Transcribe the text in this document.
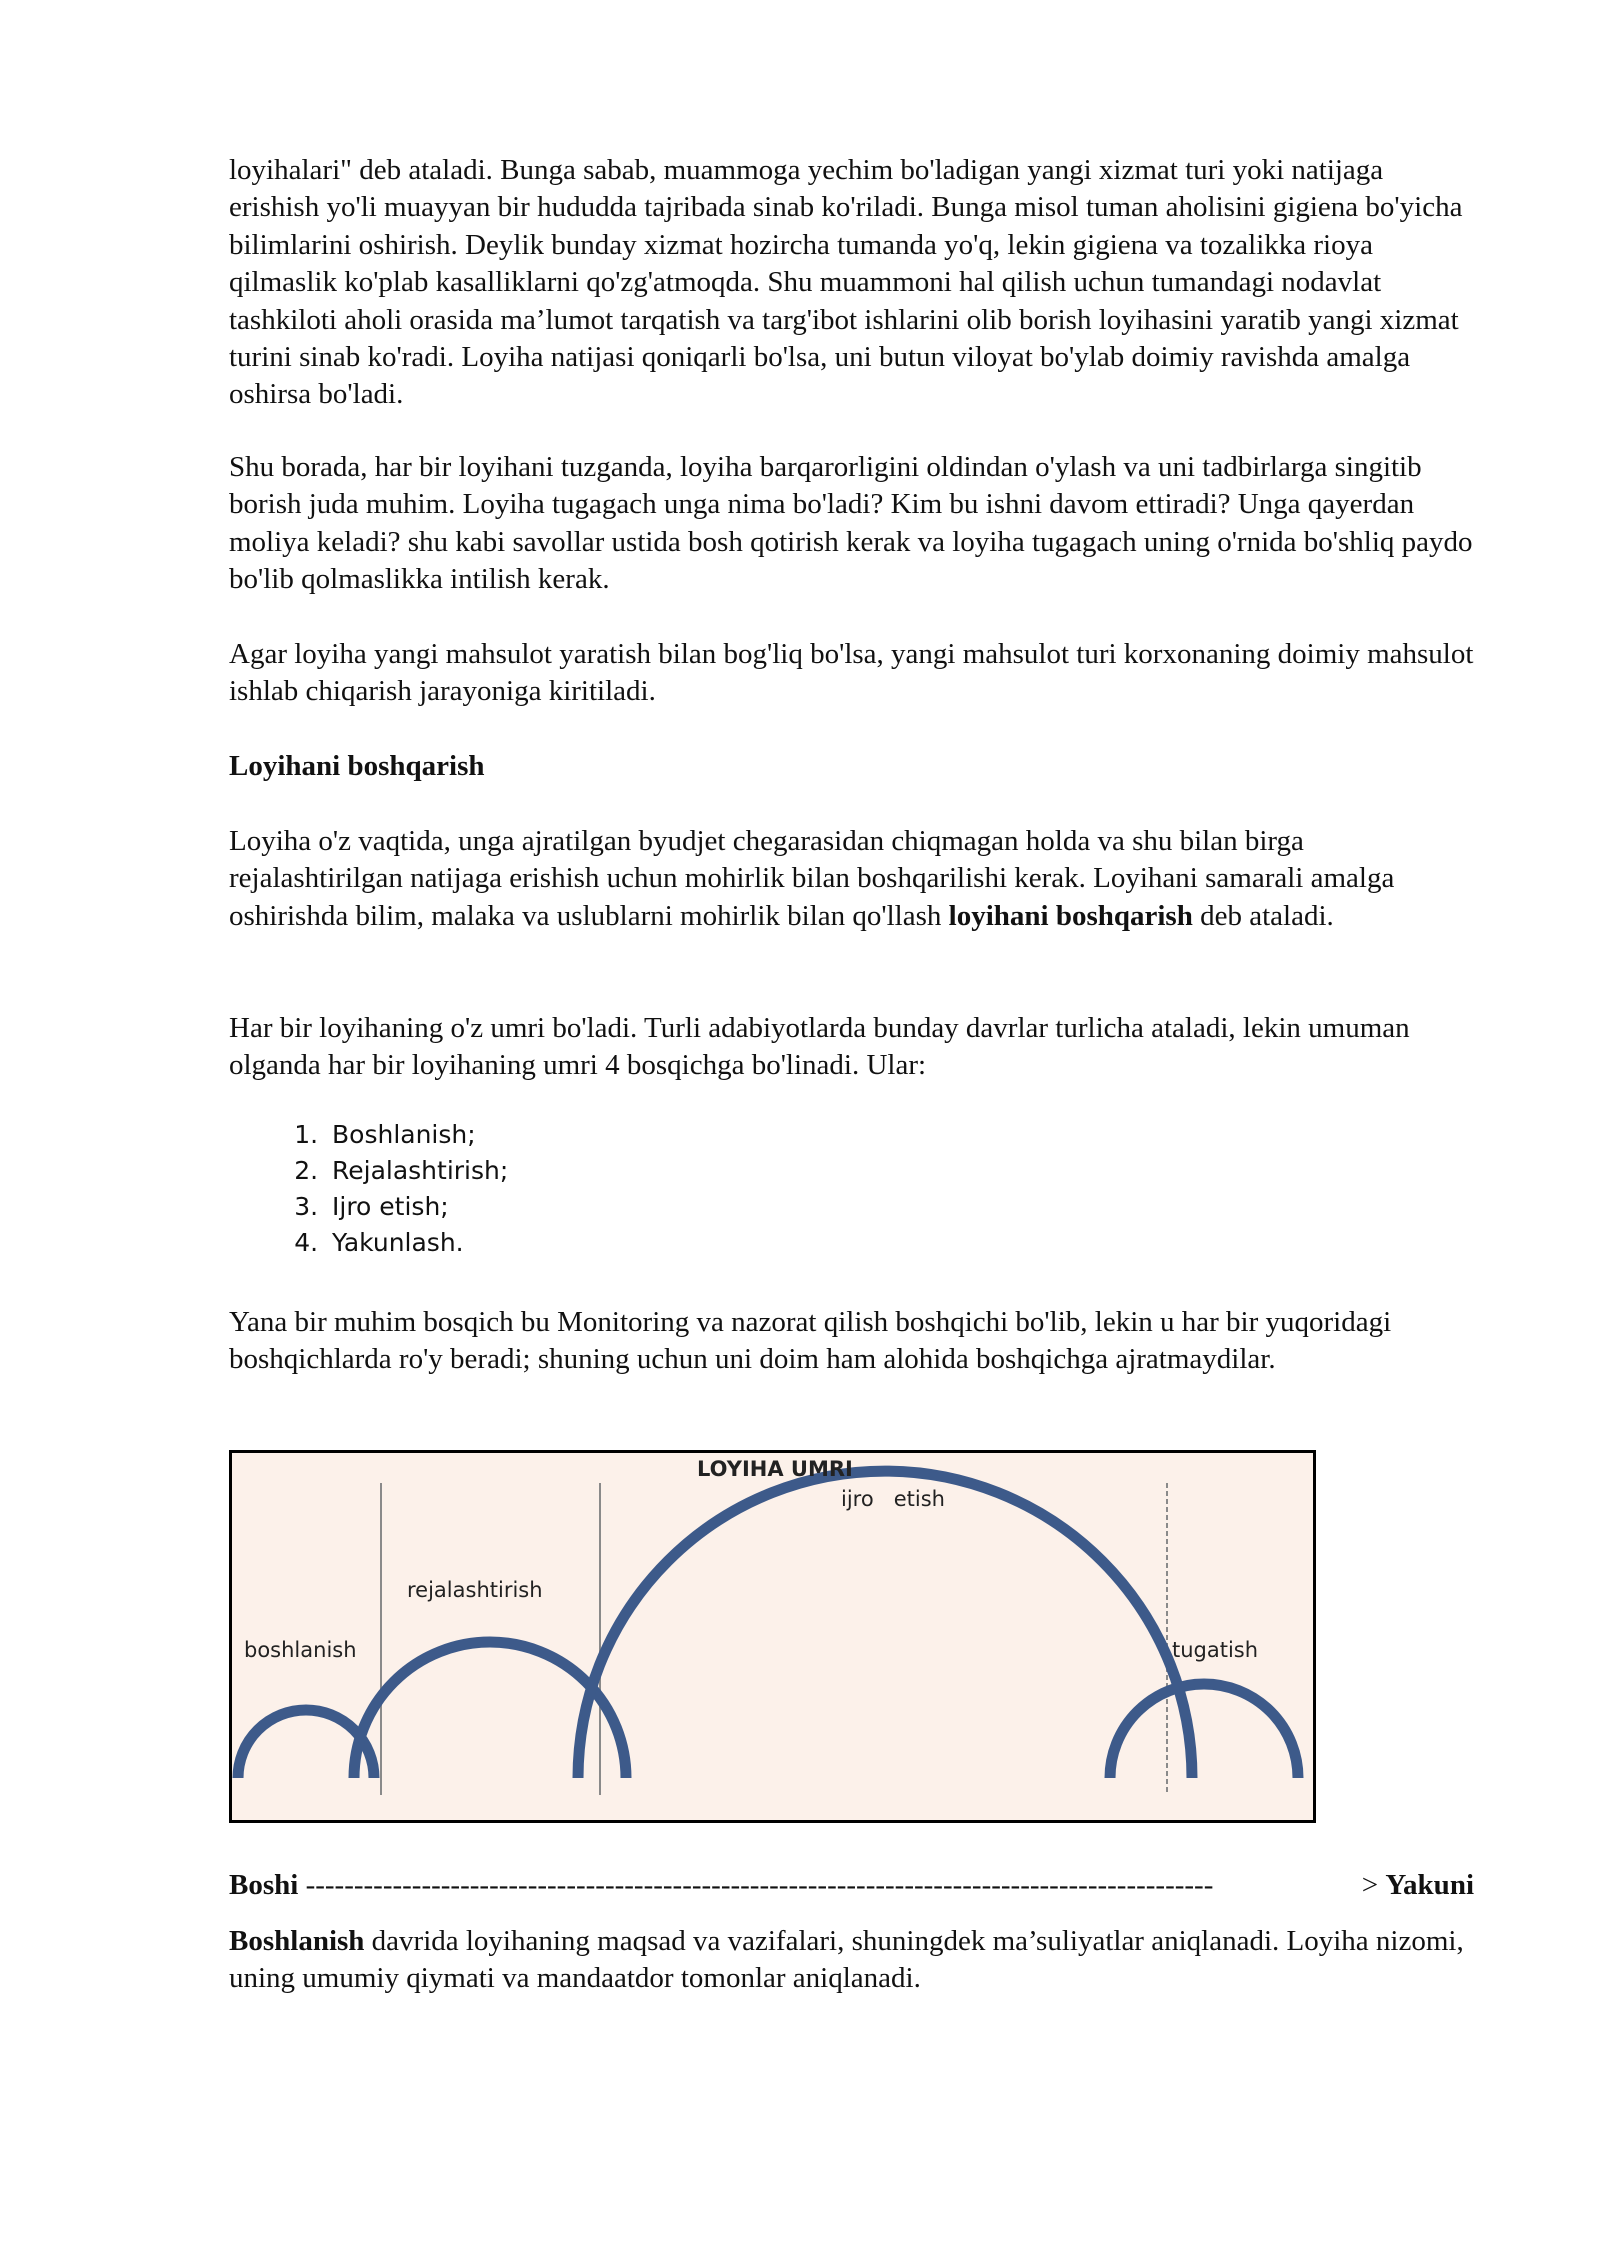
loyihalari" deb ataladi. Bunga sabab, muammoga yechim bo'ladigan yangi xizmat turi yoki natijaga erishish yo'li muayyan bir hududda tajribada sinab ko'riladi. Bunga misol tuman aholisini gigiena bo'yicha bilimlarini oshirish. Deylik bunday xizmat hozircha tumanda yo'q, lekin gigiena va tozalikka rioya qilmaslik ko'plab kasalliklarni qo'zg'atmoqda. Shu muammoni hal qilish uchun tumandagi nodavlat tashkiloti aholi orasida ma’lumot tarqatish va targ'ibot ishlarini olib borish loyihasini yaratib yangi xizmat turini sinab ko'radi. Loyiha natijasi qoniqarli bo'lsa, uni butun viloyat bo'ylab doimiy ravishda amalga oshirsa bo'ladi.

Shu borada, har bir loyihani tuzganda, loyiha barqarorligini oldindan o'ylash va uni tadbirlarga singitib borish juda muhim. Loyiha tugagach unga nima bo'ladi? Kim bu ishni davom ettiradi? Unga qayerdan moliya keladi? shu kabi savollar ustida bosh qotirish kerak va loyiha tugagach uning o'rnida bo'shliq paydo bo'lib qolmaslikka intilish kerak.

Agar loyiha yangi mahsulot yaratish bilan bog'liq bo'lsa, yangi mahsulot turi korxonaning doimiy mahsulot ishlab chiqarish jarayoniga kiritiladi.

Loyihani boshqarish

Loyiha o'z vaqtida, unga ajratilgan byudjet chegarasidan chiqmagan holda va shu bilan birga rejalashtirilgan natijaga erishish uchun mohirlik bilan boshqarilishi kerak. Loyihani samarali amalga oshirishda bilim, malaka va uslublarni mohirlik bilan qo'llash loyihani boshqarish deb ataladi.

Har bir loyihaning o'z umri bo'ladi. Turli adabiyotlarda bunday davrlar turlicha ataladi, lekin umuman olganda har bir loyihaning umri 4 bosqichga bo'linadi. Ular:

1. Boshlanish;
2. Rejalashtirish;
3. Ijro etish;
4. Yakunlash.

Yana bir muhim bosqich bu Monitoring va nazorat qilish boshqichi bo'lib, lekin u har bir yuqoridagi boshqichlarda ro'y beradi; shuning uchun uni doim ham alohida boshqichga ajratmaydilar.

LOYIHA UMRI
ijro   etish
rejalashtirish
boshlanish	tugatish
Boshi
----------------------------------------------------------------------------------------------	>
Yakuni

Boshlanish davrida loyihaning maqsad va vazifalari, shuningdek ma’suliyatlar aniqlanadi. Loyiha nizomi, uning umumiy qiymati va mandaatdor tomonlar aniqlanadi.
